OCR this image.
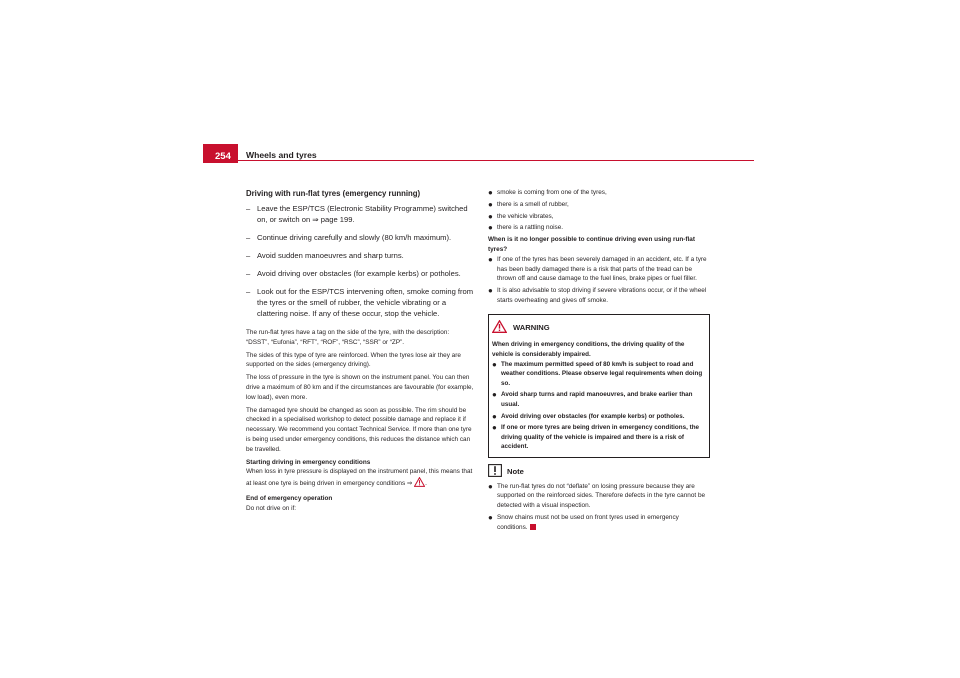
254	Wheels and tyres
Driving with run-flat tyres (emergency running)
– Leave the ESP/TCS (Electronic Stability Programme) switched on, or switch on ⇒ page 199.
– Continue driving carefully and slowly (80 km/h maximum).
– Avoid sudden manoeuvres and sharp turns.
– Avoid driving over obstacles (for example kerbs) or potholes.
– Look out for the ESP/TCS intervening often, smoke coming from the tyres or the smell of rubber, the vehicle vibrating or a clattering noise. If any of these occur, stop the vehicle.

The run-flat tyres have a tag on the side of the tyre, with the description: “DSST”, “Eufonia”, “RFT”, “ROF”, “RSC”, “SSR” or “ZP”.

The sides of this type of tyre are reinforced. When the tyres lose air they are supported on the sides (emergency driving).

The loss of pressure in the tyre is shown on the instrument panel. You can then drive a maximum of 80 km and if the circumstances are favourable (for example, low load), even more.

The damaged tyre should be changed as soon as possible. The rim should be checked in a specialised workshop to detect possible damage and replace it if necessary. We recommend you contact Technical Service. If more than one tyre is being used under emergency conditions, this reduces the distance which can be travelled.

Starting driving in emergency conditions

When loss in tyre pressure is displayed on the instrument panel, this means that at least one tyre is being driven in emergency conditions ⇒ .

End of emergency operation

Do not drive on if:

● smoke is coming from one of the tyres,
● there is a smell of rubber,
● the vehicle vibrates,
● there is a rattling noise.

When is it no longer possible to continue driving even using run-flat tyres?

● If one of the tyres has been severely damaged in an accident, etc. If a tyre has been badly damaged there is a risk that parts of the tread can be thrown off and cause damage to the fuel lines, brake pipes or fuel filler.
● It is also advisable to stop driving if severe vibrations occur, or if the wheel starts overheating and gives off smoke.
WARNING
When driving in emergency conditions, the driving quality of the vehicle is considerably impaired.
● The maximum permitted speed of 80 km/h is subject to road and weather conditions. Please observe legal requirements when doing so.
● Avoid sharp turns and rapid manoeuvres, and brake earlier than usual.
● Avoid driving over obstacles (for example kerbs) or potholes.
● If one or more tyres are being driven in emergency conditions, the driving quality of the vehicle is impaired and there is a risk of accident.
Note
● The run-flat tyres do not “deflate” on losing pressure because they are supported on the reinforced sides. Therefore defects in the tyre cannot be detected with a visual inspection.
● Snow chains must not be used on front tyres used in emergency conditions.
